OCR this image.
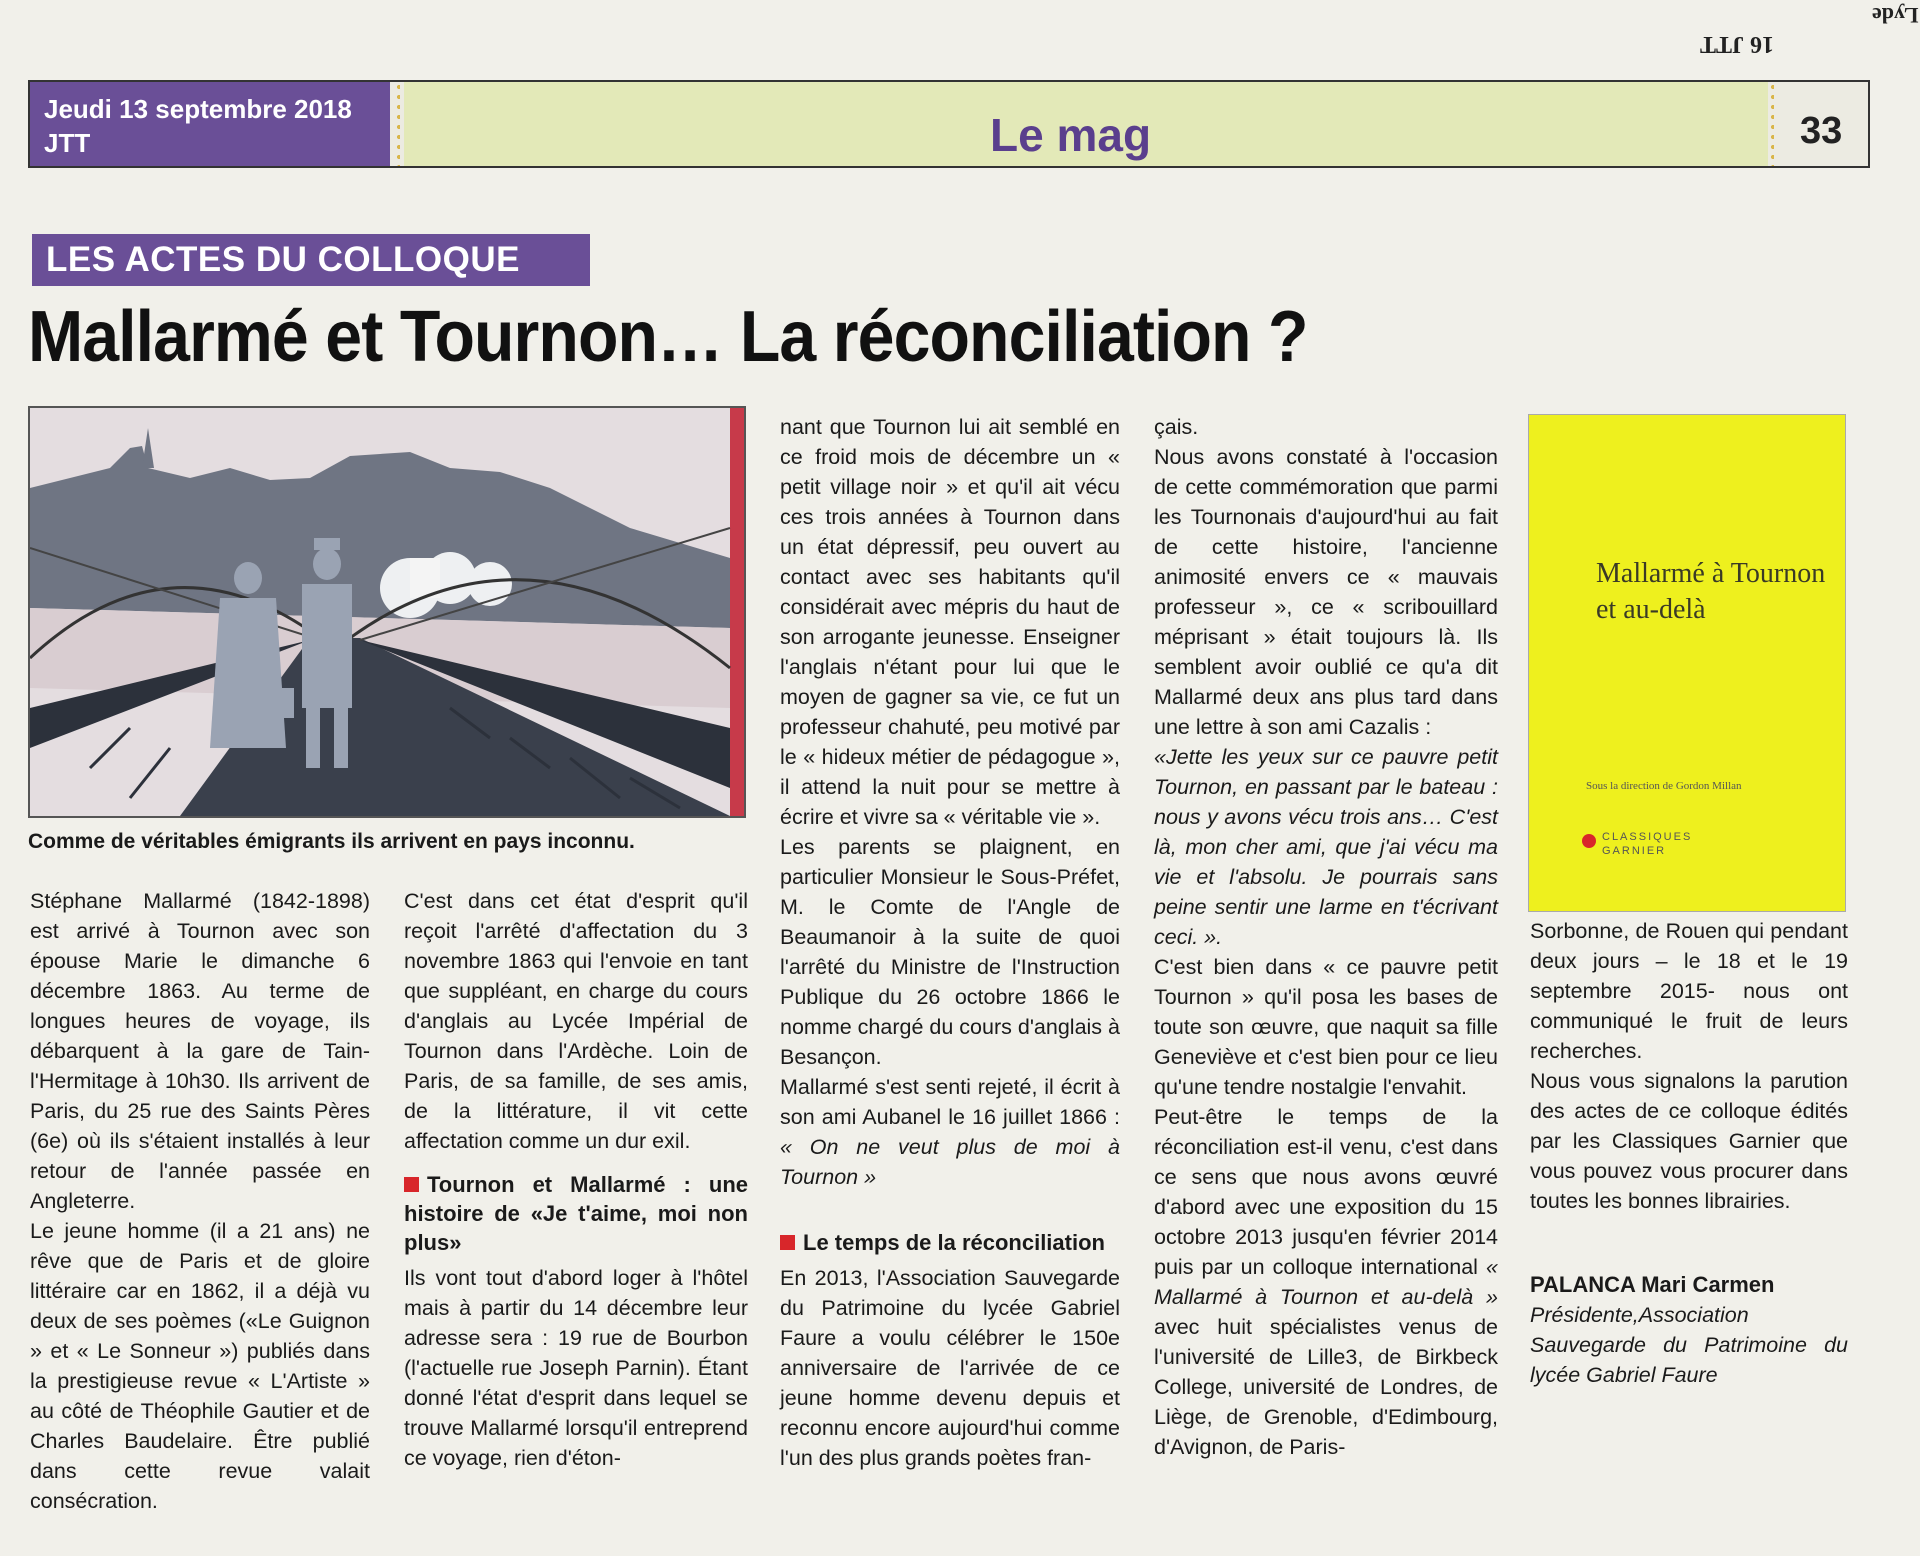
Lyde
16 JTT
Jeudi 13 septembre 2018
JTT	Le mag	33
LES ACTES DU COLLOQUE
Mallarmé et Tournon… La réconciliation ?
Comme de véritables émigrants ils arrivent en pays inconnu.

Stéphane Mallarmé (1842-1898) est arrivé à Tournon avec son épouse Marie le dimanche 6 décembre 1863. Au terme de longues heures de voyage, ils débarquent à la gare de Tain-l'Hermitage à 10h30. Ils arrivent de Paris, du 25 rue des Saints Pères (6e) où ils s'étaient installés à leur retour de l'année passée en Angleterre.

Le jeune homme (il a 21 ans) ne rêve que de Paris et de gloire littéraire car en 1862, il a déjà vu deux de ses poèmes («Le Guignon » et « Le Sonneur ») publiés dans la prestigieuse revue « L'Artiste » au côté de Théophile Gautier et de Charles Baudelaire. Être publié dans cette revue valait consécration.

C'est dans cet état d'esprit qu'il reçoit l'arrêté d'affectation du 3 novembre 1863 qui l'envoie en tant que suppléant, en charge du cours d'anglais au Lycée Impérial de Tournon dans l'Ardèche. Loin de Paris, de sa famille, de ses amis, de la littérature, il vit cette affectation comme un dur exil.

Tournon et Mallarmé : une histoire de «Je t'aime, moi non plus»

Ils vont tout d'abord loger à l'hôtel mais à partir du 14 décembre leur adresse sera : 19 rue de Bourbon (l'actuelle rue Joseph Parnin). Étant donné l'état d'esprit dans lequel se trouve Mallarmé lorsqu'il entreprend ce voyage, rien d'éton-

nant que Tournon lui ait semblé en ce froid mois de décembre un « petit village noir » et qu'il ait vécu ces trois années à Tournon dans un état dépressif, peu ouvert au contact avec ses habitants qu'il considérait avec mépris du haut de son arrogante jeunesse. Enseigner l'anglais n'étant pour lui que le moyen de gagner sa vie, ce fut un professeur chahuté, peu motivé par le « hideux métier de pédagogue », il attend la nuit pour se mettre à écrire et vivre sa « véritable vie ».

Les parents se plaignent, en particulier Monsieur le Sous-Préfet, M. le Comte de l'Angle de Beaumanoir à la suite de quoi l'arrêté du Ministre de l'Instruction Publique du 26 octobre 1866 le nomme chargé du cours d'anglais à Besançon.

Mallarmé s'est senti rejeté, il écrit à son ami Aubanel le 16 juillet 1866 : « On ne veut plus de moi à Tournon »

Le temps de la réconciliation

En 2013, l'Association Sauvegarde du Patrimoine du lycée Gabriel Faure a voulu célébrer le 150e anniversaire de l'arrivée de ce jeune homme devenu depuis et reconnu encore aujourd'hui comme l'un des plus grands poètes fran-

çais.

Nous avons constaté à l'occasion de cette commémoration que parmi les Tournonais d'aujourd'hui au fait de cette histoire, l'ancienne animosité envers ce « mauvais professeur », ce « scribouillard méprisant » était toujours là. Ils semblent avoir oublié ce qu'a dit Mallarmé deux ans plus tard dans une lettre à son ami Cazalis :

«Jette les yeux sur ce pauvre petit Tournon, en passant par le bateau : nous y avons vécu trois ans… C'est là, mon cher ami, que j'ai vécu ma vie et l'absolu. Je pourrais sans peine sentir une larme en t'écrivant ceci. ».

C'est bien dans « ce pauvre petit Tournon » qu'il posa les bases de toute son œuvre, que naquit sa fille Geneviève et c'est bien pour ce lieu qu'une tendre nostalgie l'envahit.

Peut-être le temps de la réconciliation est-il venu, c'est dans ce sens que nous avons œuvré d'abord avec une exposition du 15 octobre 2013 jusqu'en février 2014 puis par un colloque international « Mallarmé à Tournon et au-delà » avec huit spécialistes venus de l'université de Lille3, de Birkbeck College, université de Londres, de Liège, de Grenoble, d'Edimbourg, d'Avignon, de Paris-

Mallarmé à Tournon
et au-delà
Sous la direction de Gordon Millan
CLASSIQUES
GARNIER

Sorbonne, de Rouen qui pendant deux jours – le 18 et le 19 septembre 2015- nous ont communiqué le fruit de leurs recherches.

Nous vous signalons la parution des actes de ce colloque édités par les Classiques Garnier que vous pouvez vous procurer dans toutes les bonnes librairies.

PALANCA Mari Carmen

Présidente,Association Sauvegarde du Patrimoine du lycée Gabriel Faure
